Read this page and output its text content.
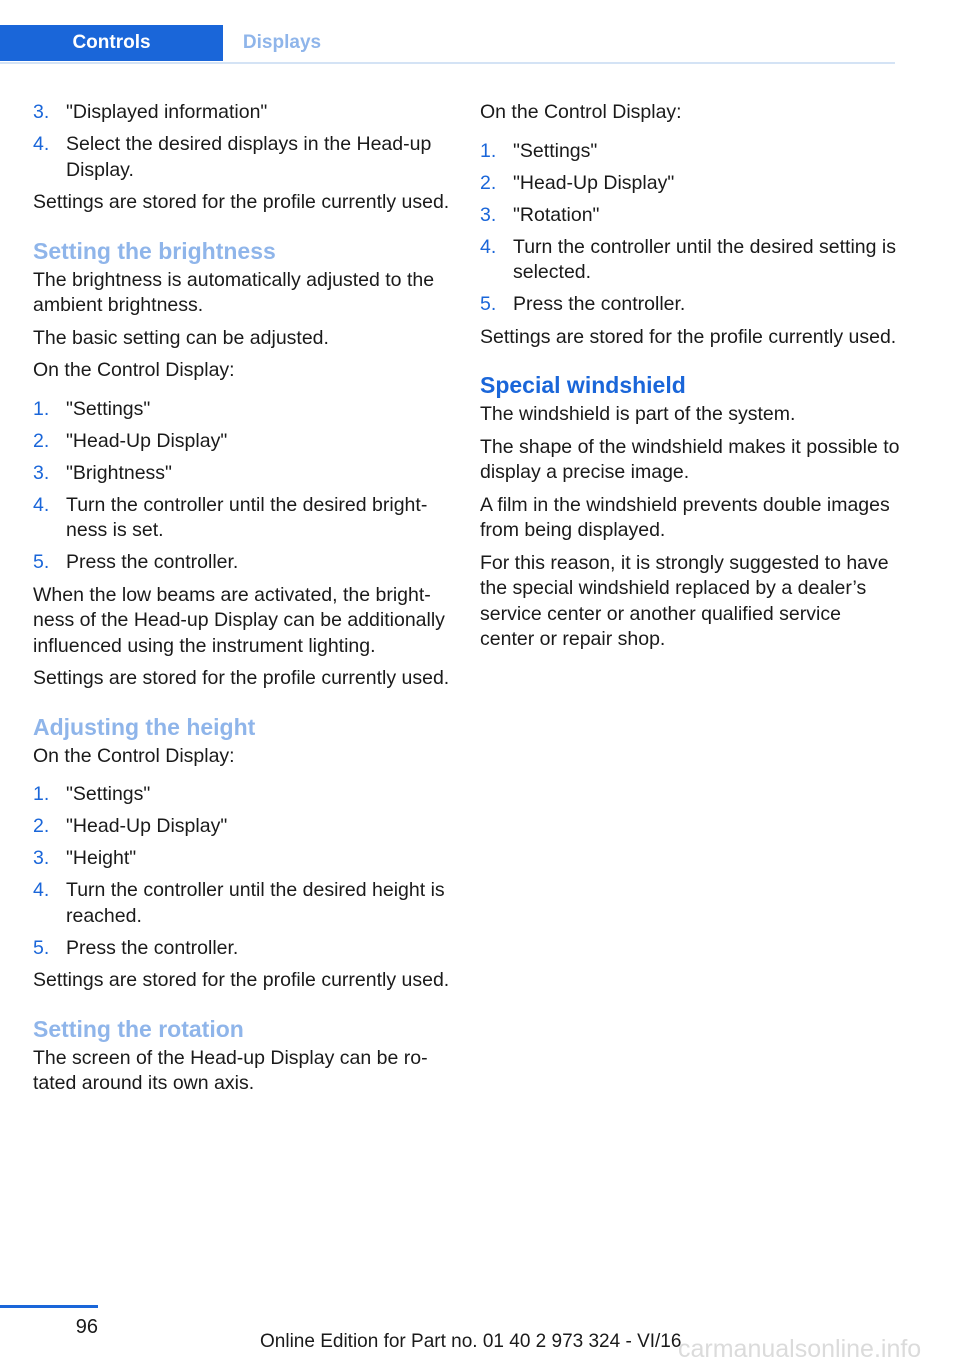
Controls	Displays
3. "Displayed information"
4. Select the desired displays in the Head-up Display.

Settings are stored for the profile currently used.

Setting the brightness

The brightness is automatically adjusted to the ambient brightness.

The basic setting can be adjusted.

On the Control Display:

1. "Settings"
2. "Head-Up Display"
3. "Brightness"
4. Turn the controller until the desired brightness is set.
5. Press the controller.

When the low beams are activated, the brightness of the Head-up Display can be additionally influenced using the instrument lighting.

Settings are stored for the profile currently used.

Adjusting the height

On the Control Display:

1. "Settings"
2. "Head-Up Display"
3. "Height"
4. Turn the controller until the desired height is reached.
5. Press the controller.

Settings are stored for the profile currently used.

Setting the rotation

The screen of the Head-up Display can be rotated around its own axis.

On the Control Display:

1. "Settings"
2. "Head-Up Display"
3. "Rotation"
4. Turn the controller until the desired setting is selected.
5. Press the controller.

Settings are stored for the profile currently used.

Special windshield

The windshield is part of the system.

The shape of the windshield makes it possible to display a precise image.

A film in the windshield prevents double images from being displayed.

For this reason, it is strongly suggested to have the special windshield replaced by a dealer’s service center or another qualified service center or repair shop.

96
Online Edition for Part no. 01 40 2 973 324 - VI/16
carmanualsonline.info
